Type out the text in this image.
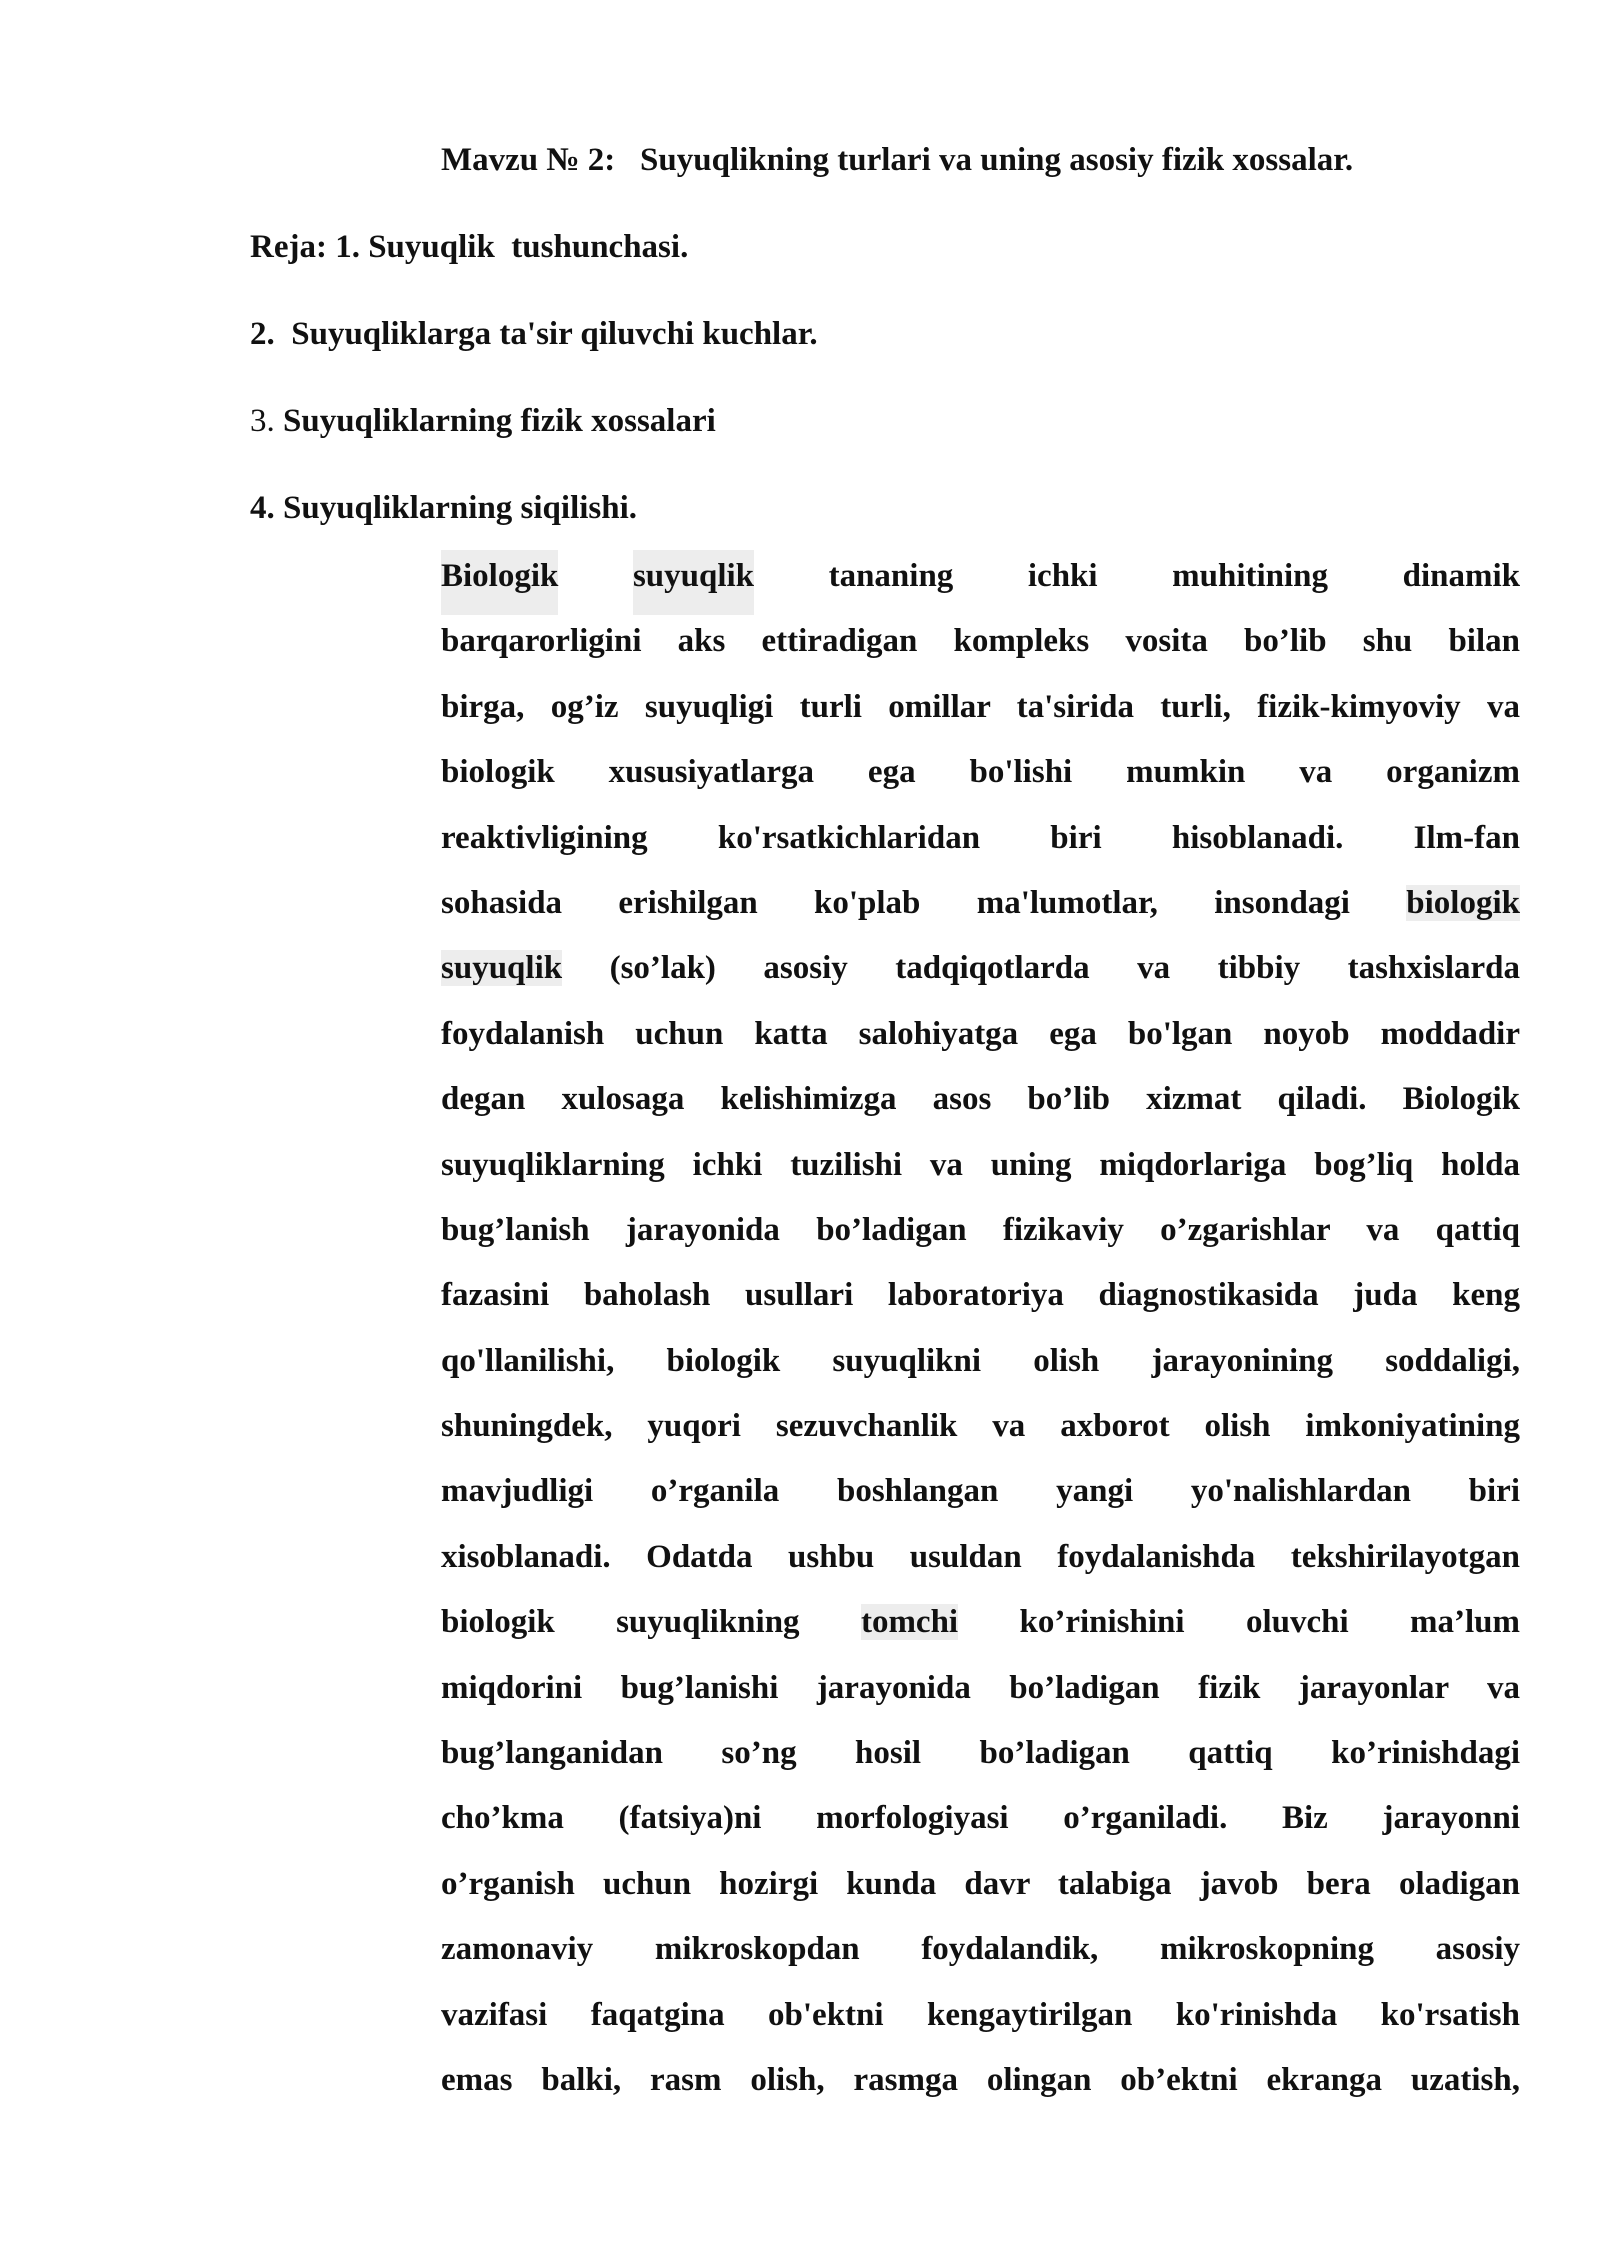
Mavzu № 2:   Suyuqlikning turlari va uning asosiy fizik xossalar.
Reja: 1. Suyuqlik  tushunchasi.
2.  Suyuqliklarga ta'sir qiluvchi kuchlar.
3. Suyuqliklarning fizik xossalari
4. Suyuqliklarning siqilishi.
Biologik suyuqlik tananing ichki muhitining dinamik
barqarorligini aks ettiradigan kompleks vosita bo’lib shu bilan
birga, og’iz suyuqligi turli omillar ta'sirida turli, fizik-kimyoviy va
biologik xususiyatlarga ega bo'lishi mumkin va organizm
reaktivligining ko'rsatkichlaridan biri hisoblanadi. Ilm-fan
sohasida erishilgan ko'plab ma'lumotlar, insondagi biologik
suyuqlik (so’lak) asosiy tadqiqotlarda va tibbiy tashxislarda
foydalanish uchun katta salohiyatga ega bo'lgan noyob moddadir
degan xulosaga kelishimizga asos bo’lib xizmat qiladi. Biologik
suyuqliklarning ichki tuzilishi va uning miqdorlariga bog’liq holda
bug’lanish jarayonida bo’ladigan fizikaviy o’zgarishlar va qattiq
fazasini baholash usullari laboratoriya diagnostikasida juda keng
qo'llanilishi, biologik suyuqlikni olish jarayonining soddaligi,
shuningdek, yuqori sezuvchanlik va axborot olish imkoniyatining
mavjudligi o’rganila boshlangan yangi yo'nalishlardan biri
xisoblanadi. Odatda ushbu usuldan foydalanishda tekshirilayotgan
biologik suyuqlikning tomchi ko’rinishini oluvchi ma’lum
miqdorini bug’lanishi jarayonida bo’ladigan fizik jarayonlar va
bug’langanidan so’ng hosil bo’ladigan qattiq ko’rinishdagi
cho’kma (fatsiya)ni morfologiyasi o’rganiladi. Biz jarayonni
o’rganish uchun hozirgi kunda davr talabiga javob bera oladigan
zamonaviy mikroskopdan foydalandik, mikroskopning asosiy
vazifasi faqatgina ob'ektni kengaytirilgan ko'rinishda ko'rsatish
emas balki, rasm olish, rasmga olingan ob’ektni ekranga uzatish,
